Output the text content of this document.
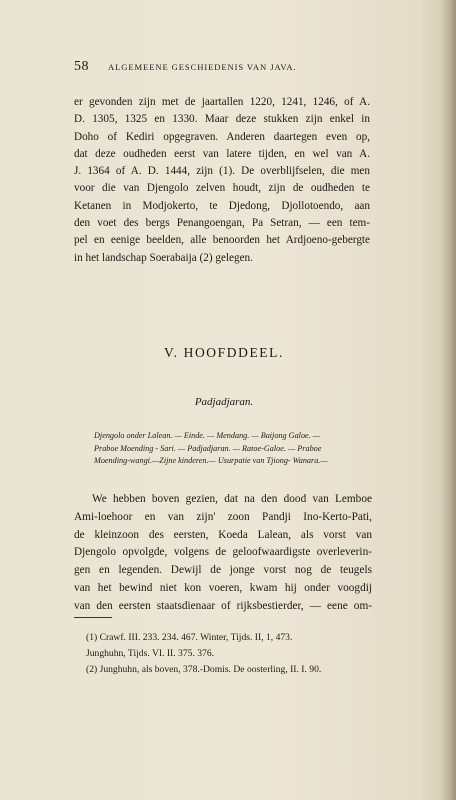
58 ALGEMEENE GESCHIEDENIS VAN JAVA.
er gevonden zijn met de jaartallen 1220, 1241, 1246, of A.
D. 1305, 1325 en 1330. Maar deze stukken zijn enkel in
Doho of Kediri opgegraven. Anderen daartegen even op,
dat deze oudheden eerst van latere tijden, en wel van A.
J. 1364 of A. D. 1444, zijn (1). De overblijfselen, die men
voor die van Djengolo zelven houdt, zijn de oudheden te
Ketanen in Modjokerto, te Djedong, Djollotoendo, aan
den voet des bergs Penangoengan, Pa Setran, — een tem-
pel en eenige beelden, alle benoorden het Ardjoeno-gebergte
in het landschap Soerabaija (2) gelegen.
V. HOOFDDEEL.
Padjadjaran.
Djengolo onder Lalean. — Einde. — Mendang. — Baijong Galoe. —
Praboe Moending - Sari. — Padjadjaran. — Ratoe-Galoe. — Praboe
Moending-wangi.—Zijne kinderen.— Usurpatie van Tjiong- Wanara.—
We hebben boven gezien, dat na den dood van Lemboe
Ami-loehoor en van zijn' zoon Pandji Ino-Kerto-Pati,
de kleinzoon des eersten, Koeda Lalean, als vorst van
Djengolo opvolgde, volgens de geloofwaardigste overleverin-
gen en legenden. Dewijl de jonge vorst nog de teugels
van het bewind niet kon voeren, kwam hij onder voogdij
van den eersten staatsdienaar of rijksbestierder, — eene om-
(1) Crawf. III. 233. 234. 467. Winter, Tijds. II, 1, 473.
Junghuhn, Tijds. VI. II. 375. 376.
(2) Junghuhn, als boven, 378.-Domis. De oosterling, II. I. 90.
